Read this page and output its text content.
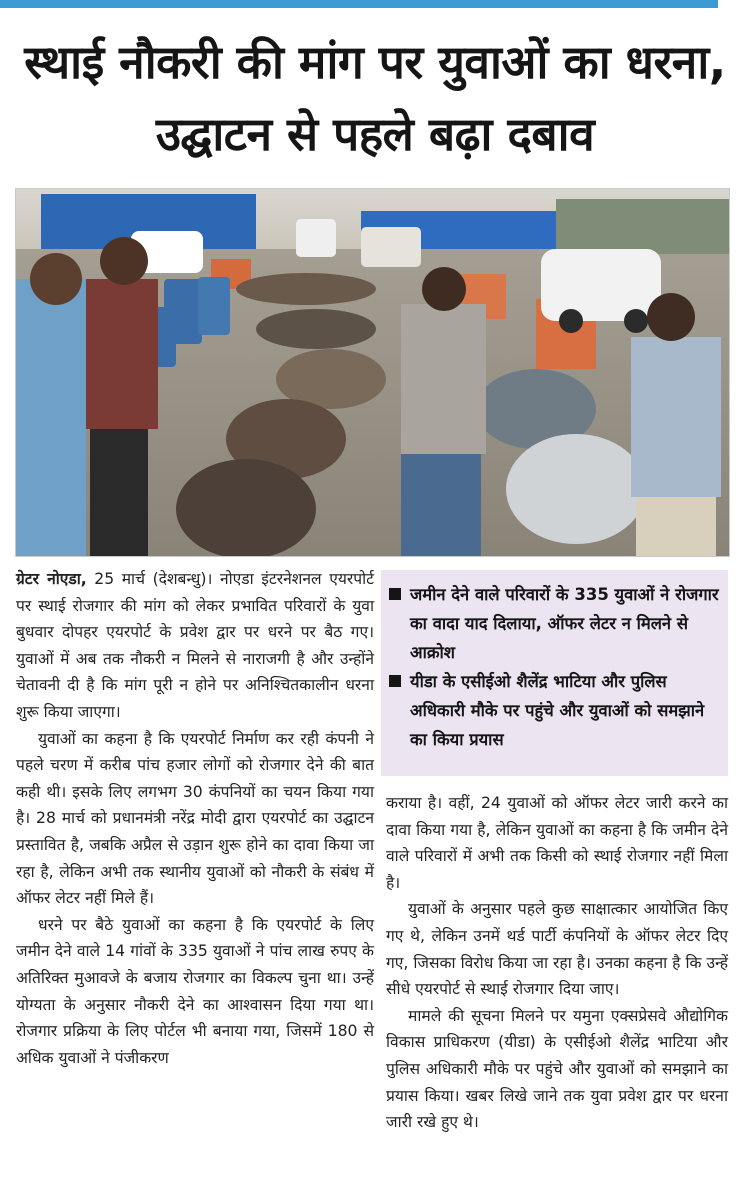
स्थाई नौकरी की मांग पर युवाओं का धरना, उद्घाटन से पहले बढ़ा दबाव

ग्रेटर नोएडा, 25 मार्च (देशबन्धु)। नोएडा इंटरनेशनल एयरपोर्ट पर स्थाई रोजगार की मांग को लेकर प्रभावित परिवारों के युवा बुधवार दोपहर एयरपोर्ट के प्रवेश द्वार पर धरने पर बैठ गए। युवाओं में अब तक नौकरी न मिलने से नाराजगी है और उन्होंने चेतावनी दी है कि मांग पूरी न होने पर अनिश्चितकालीन धरना शुरू किया जाएगा।

युवाओं का कहना है कि एयरपोर्ट निर्माण कर रही कंपनी ने पहले चरण में करीब पांच हजार लोगों को रोजगार देने की बात कही थी। इसके लिए लगभग 30 कंपनियों का चयन किया गया है। 28 मार्च को प्रधानमंत्री नरेंद्र मोदी द्वारा एयरपोर्ट का उद्घाटन प्रस्तावित है, जबकि अप्रैल से उड़ान शुरू होने का दावा किया जा रहा है, लेकिन अभी तक स्थानीय युवाओं को नौकरी के संबंध में ऑफर लेटर नहीं मिले हैं।

धरने पर बैठे युवाओं का कहना है कि एयरपोर्ट के लिए जमीन देने वाले 14 गांवों के 335 युवाओं ने पांच लाख रुपए के अतिरिक्त मुआवजे के बजाय रोजगार का विकल्प चुना था। उन्हें योग्यता के अनुसार नौकरी देने का आश्वासन दिया गया था। रोजगार प्रक्रिया के लिए पोर्टल भी बनाया गया, जिसमें 180 से अधिक युवाओं ने पंजीकरण

जमीन देने वाले परिवारों के 335 युवाओं ने रोजगार का वादा याद दिलाया, ऑफर लेटर न मिलने से आक्रोश
यीडा के एसीईओ शैलेंद्र भाटिया और पुलिस अधिकारी मौके पर पहुंचे और युवाओं को समझाने का किया प्रयास

कराया है। वहीं, 24 युवाओं को ऑफर लेटर जारी करने का दावा किया गया है, लेकिन युवाओं का कहना है कि जमीन देने वाले परिवारों में अभी तक किसी को स्थाई रोजगार नहीं मिला है।

युवाओं के अनुसार पहले कुछ साक्षात्कार आयोजित किए गए थे, लेकिन उनमें थर्ड पार्टी कंपनियों के ऑफर लेटर दिए गए, जिसका विरोध किया जा रहा है। उनका कहना है कि उन्हें सीधे एयरपोर्ट से स्थाई रोजगार दिया जाए।

मामले की सूचना मिलने पर यमुना एक्सप्रेसवे औद्योगिक विकास प्राधिकरण (यीडा) के एसीईओ शैलेंद्र भाटिया और पुलिस अधिकारी मौके पर पहुंचे और युवाओं को समझाने का प्रयास किया। खबर लिखे जाने तक युवा प्रवेश द्वार पर धरना जारी रखे हुए थे।
